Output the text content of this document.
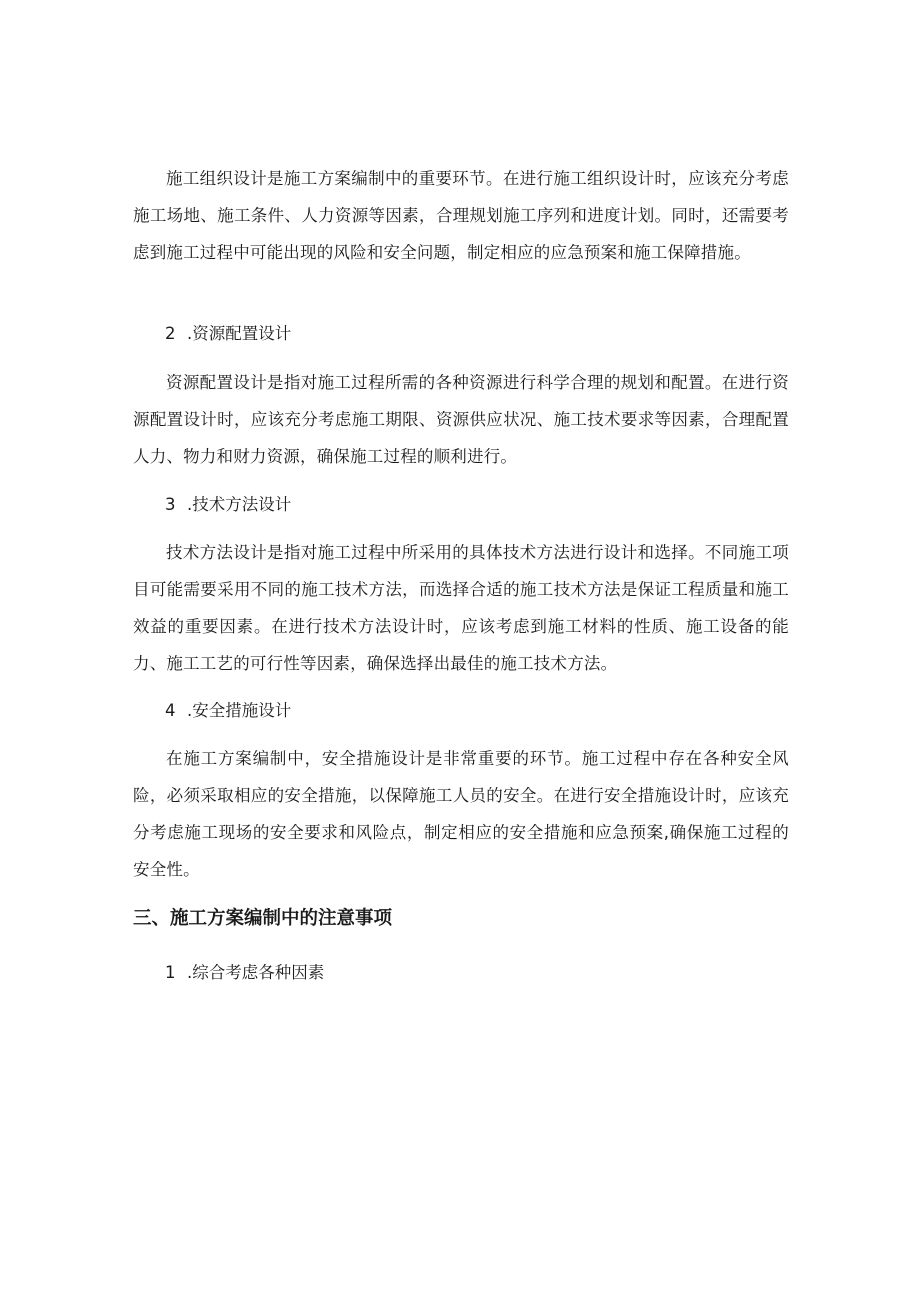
施工组织设计是施工方案编制中的重要环节。在进行施工组织设计时，应该充分考虑施工场地、施工条件、人力资源等因素，合理规划施工序列和进度计划。同时，还需要考虑到施工过程中可能出现的风险和安全问题，制定相应的应急预案和施工保障措施。

2 .资源配置设计

资源配置设计是指对施工过程所需的各种资源进行科学合理的规划和配置。在进行资源配置设计时，应该充分考虑施工期限、资源供应状况、施工技术要求等因素，合理配置人力、物力和财力资源，确保施工过程的顺利进行。

3 .技术方法设计

技术方法设计是指对施工过程中所采用的具体技术方法进行设计和选择。不同施工项目可能需要采用不同的施工技术方法，而选择合适的施工技术方法是保证工程质量和施工效益的重要因素。在进行技术方法设计时，应该考虑到施工材料的性质、施工设备的能力、施工工艺的可行性等因素，确保选择出最佳的施工技术方法。

4 .安全措施设计

在施工方案编制中，安全措施设计是非常重要的环节。施工过程中存在各种安全风险，必须采取相应的安全措施，以保障施工人员的安全。在进行安全措施设计时，应该充分考虑施工现场的安全要求和风险点，制定相应的安全措施和应急预案,确保施工过程的安全性。

三、施工方案编制中的注意事项

1 .综合考虑各种因素
